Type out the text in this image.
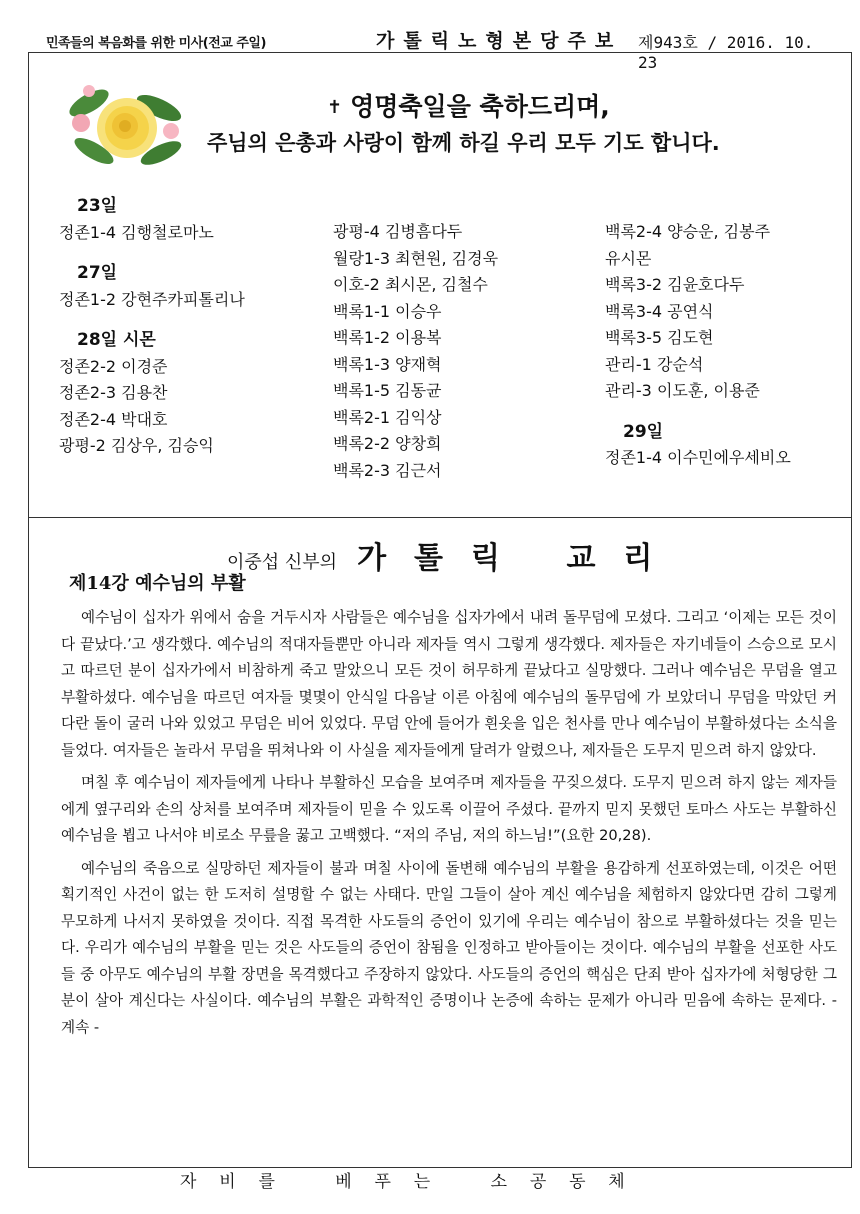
민족들의 복음화를 위한 미사(전교 주일)	가톨릭노형본당주보 제943호 / 2016. 10. 23
✝ 영명축일을 축하드리며,
주님의 은총과 사랑이 함께 하길 우리 모두 기도 합니다.
23일
정존1-4 김행철로마노
27일
정존1-2 강현주카피톨리나
28일 시몬
정존2-2 이경준
정존2-3 김용찬
정존2-4 박대호
광평-2 김상우, 김승익
광평-4 김병흠다두
월랑1-3 최현원, 김경욱
이호-2 최시몬, 김철수
백록1-1 이승우
백록1-2 이용복
백록1-3 양재혁
백록1-5 김동균
백록2-1 김익상
백록2-2 양창희
백록2-3 김근서
백록2-4 양승운, 김봉주
유시몬
백록3-2 김윤호다두
백록3-4 공연식
백록3-5 김도현
관리-1 강순석
관리-3 이도훈, 이용준
29일
정존1-4 이수민에우세비오
이중섭 신부의 가톨릭 교리
제14강 예수님의 부활

예수님이 십자가 위에서 숨을 거두시자 사람들은 예수님을 십자가에서 내려 돌무덤에 모셨다. 그리고 ‘이제는 모든 것이 다 끝났다.’고 생각했다. 예수님의 적대자들뿐만 아니라 제자들 역시 그렇게 생각했다. 제자들은 자기네들이 스승으로 모시고 따르던 분이 십자가에서 비참하게 죽고 말았으니 모든 것이 허무하게 끝났다고 실망했다. 그러나 예수님은 무덤을 열고 부활하셨다. 예수님을 따르던 여자들 몇몇이 안식일 다음날 이른 아침에 예수님의 돌무덤에 가 보았더니 무덤을 막았던 커다란 돌이 굴러 나와 있었고 무덤은 비어 있었다. 무덤 안에 들어가 흰옷을 입은 천사를 만나 예수님이 부활하셨다는 소식을 들었다. 여자들은 놀라서 무덤을 뛰쳐나와 이 사실을 제자들에게 달려가 알렸으나, 제자들은 도무지 믿으려 하지 않았다.

며칠 후 예수님이 제자들에게 나타나 부활하신 모습을 보여주며 제자들을 꾸짖으셨다. 도무지 믿으려 하지 않는 제자들에게 옆구리와 손의 상처를 보여주며 제자들이 믿을 수 있도록 이끌어 주셨다. 끝까지 믿지 못했던 토마스 사도는 부활하신 예수님을 뵙고 나서야 비로소 무릎을 꿇고 고백했다. “저의 주님, 저의 하느님!”(요한 20,28).

예수님의 죽음으로 실망하던 제자들이 불과 며칠 사이에 돌변해 예수님의 부활을 용감하게 선포하였는데, 이것은 어떤 획기적인 사건이 없는 한 도저히 설명할 수 없는 사태다. 만일 그들이 살아 계신 예수님을 체험하지 않았다면 감히 그렇게 무모하게 나서지 못하였을 것이다. 직접 목격한 사도들의 증언이 있기에 우리는 예수님이 참으로 부활하셨다는 것을 믿는다. 우리가 예수님의 부활을 믿는 것은 사도들의 증언이 참됨을 인정하고 받아들이는 것이다. 예수님의 부활을 선포한 사도들 중 아무도 예수님의 부활 장면을 목격했다고 주장하지 않았다. 사도들의 증언의 핵심은 단죄 받아 십자가에 처형당한 그분이 살아 계신다는 사실이다. 예수님의 부활은 과학적인 증명이나 논증에 속하는 문제가 아니라 믿음에 속하는 문제다. - 계속 -

자  비  를      베  푸  는      소  공  동  체
